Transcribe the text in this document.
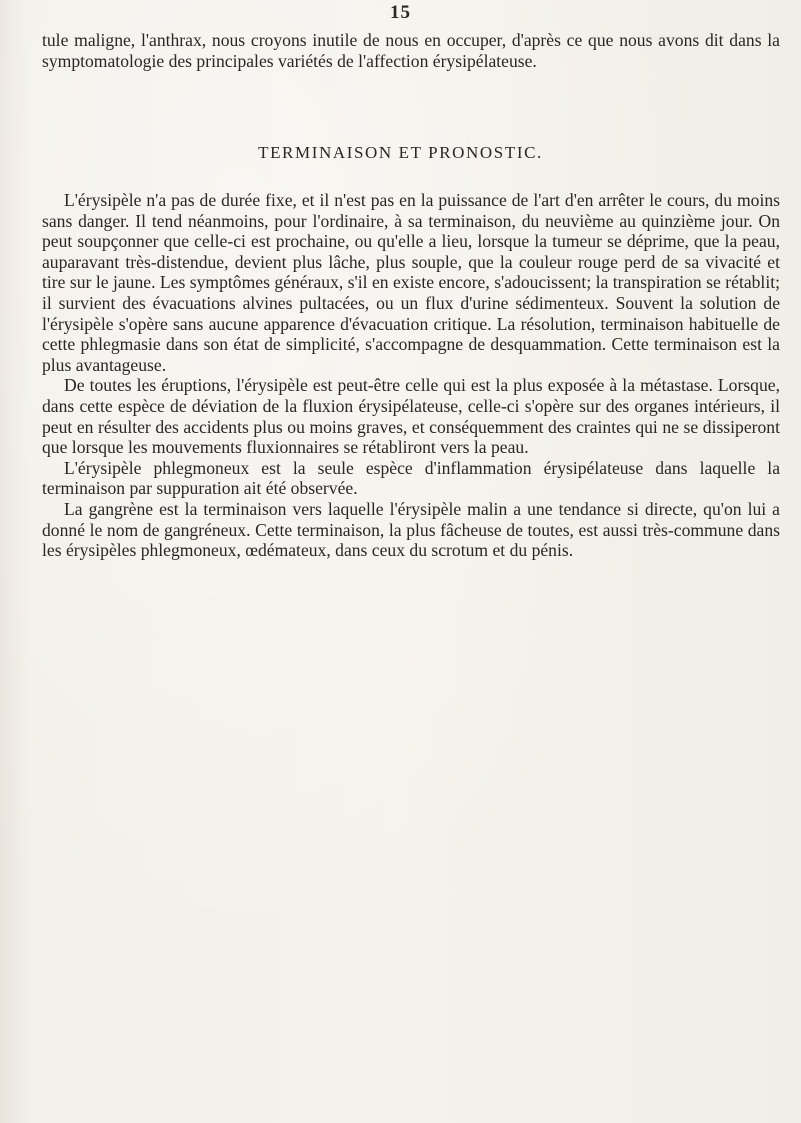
15
tule maligne, l'anthrax, nous croyons inutile de nous en occuper, d'après ce que nous avons dit dans la symptomatologie des principales variétés de l'affection érysipélateuse.
TERMINAISON ET PRONOSTIC.

L'érysipèle n'a pas de durée fixe, et il n'est pas en la puissance de l'art d'en arrêter le cours, du moins sans danger. Il tend néanmoins, pour l'ordinaire, à sa terminaison, du neuvième au quinzième jour. On peut soupçonner que celle-ci est prochaine, ou qu'elle a lieu, lorsque la tumeur se déprime, que la peau, auparavant très-distendue, devient plus lâche, plus souple, que la couleur rouge perd de sa vivacité et tire sur le jaune. Les symptômes généraux, s'il en existe encore, s'adoucissent; la transpiration se rétablit; il survient des évacuations alvines pultacées, ou un flux d'urine sédimenteux. Souvent la solution de l'érysipèle s'opère sans aucune apparence d'évacuation critique. La résolution, terminaison habituelle de cette phlegmasie dans son état de simplicité, s'accompagne de desquammation. Cette terminaison est la plus avantageuse.

De toutes les éruptions, l'érysipèle est peut-être celle qui est la plus exposée à la métastase. Lorsque, dans cette espèce de déviation de la fluxion érysipélateuse, celle-ci s'opère sur des organes intérieurs, il peut en résulter des accidents plus ou moins graves, et conséquemment des craintes qui ne se dissiperont que lorsque les mouvements fluxionnaires se rétabliront vers la peau.

L'érysipèle phlegmoneux est la seule espèce d'inflammation érysipélateuse dans laquelle la terminaison par suppuration ait été observée.

La gangrène est la terminaison vers laquelle l'érysipèle malin a une tendance si directe, qu'on lui a donné le nom de gangréneux. Cette terminaison, la plus fâcheuse de toutes, est aussi très-commune dans les érysipèles phlegmoneux, œdémateux, dans ceux du scrotum et du pénis.
